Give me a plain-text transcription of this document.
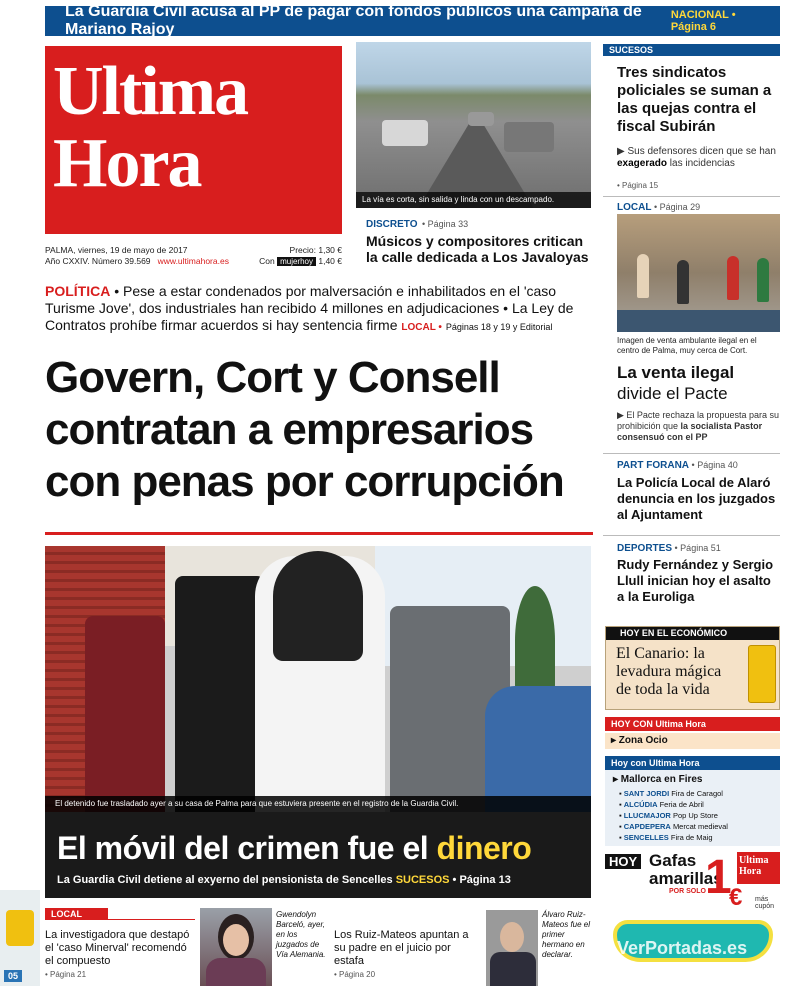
La Guardia Civil acusa al PP de pagar con fondos públicos una campaña de Mariano Rajoy
NACIONAL • Página 6
Ultima
Hora
PALMA, viernes, 19 de mayo de 2017
Año CXXIV. Número 39.569 www.ultimahora.es
Precio: 1,30 €
Con mujerhoy 1,40 €
La vía es corta, sin salida y linda con un descampado.
DISCRETO • Página 33
Músicos y compositores critican la calle dedicada a Los Javaloyas
POLÍTICA • Pese a estar condenados por malversación e inhabilitados en el 'caso Turisme Jove', dos industriales han recibido 4 millones en adjudicaciones • La Ley de Contratos prohíbe firmar acuerdos si hay sentencia firme LOCAL • Páginas 18 y 19 y Editorial
Govern, Cort y Consell contratan a empresarios con penas por corrupción
El detenido fue trasladado ayer a su casa de Palma para que estuviera presente en el registro de la Guardia Civil.
El móvil del crimen fue el dinero
La Guardia Civil detiene al exyerno del pensionista de Sencelles SUCESOS • Página 13
05
LOCAL
La investigadora que destapó el 'caso Minerval' recomendó el compuesto
• Página 21
Gwendolyn Barceló, ayer, en los juzgados de Vía Alemania.
Los Ruiz-Mateos apuntan a su padre en el juicio por estafa
• Página 20
Álvaro Ruiz-Mateos fue el primer hermano en declarar.
SUCESOS
Tres sindicatos policiales se suman a las quejas contra el fiscal Subirán
▶ Sus defensores dicen que se han exagerado las incidencias
• Página 15
LOCAL • Página 29
Imagen de venta ambulante ilegal en el centro de Palma, muy cerca de Cort.
La venta ilegal
divide el Pacte
▶ El Pacte rechaza la propuesta para su prohibición que la socialista Pastor consensuó con el PP
PART FORANA • Página 40
La Policía Local de Alaró denuncia en los juzgados al Ajuntament
DEPORTES • Página 51
Rudy Fernández y Sergio Llull inician hoy el asalto a la Euroliga
HOY EN EL ECONÓMICO
El Canario: la levadura mágica de toda la vida
HOY CON Ultima Hora
▸ Zona Ocio
Hoy con Ultima Hora
▸ Mallorca en Fires
▪ SANT JORDI Fira de Caragol
▪ ALCÚDIA Feria de Abril
▪ LLUCMAJOR Pop Up Store
▪ CAPDEPERA Mercat medieval
▪ SENCELLES Fira de Maig
HOY Gafas amarillas
POR SOLO 1
€
Ultima Hora
más cupón
VerPortadas.es
